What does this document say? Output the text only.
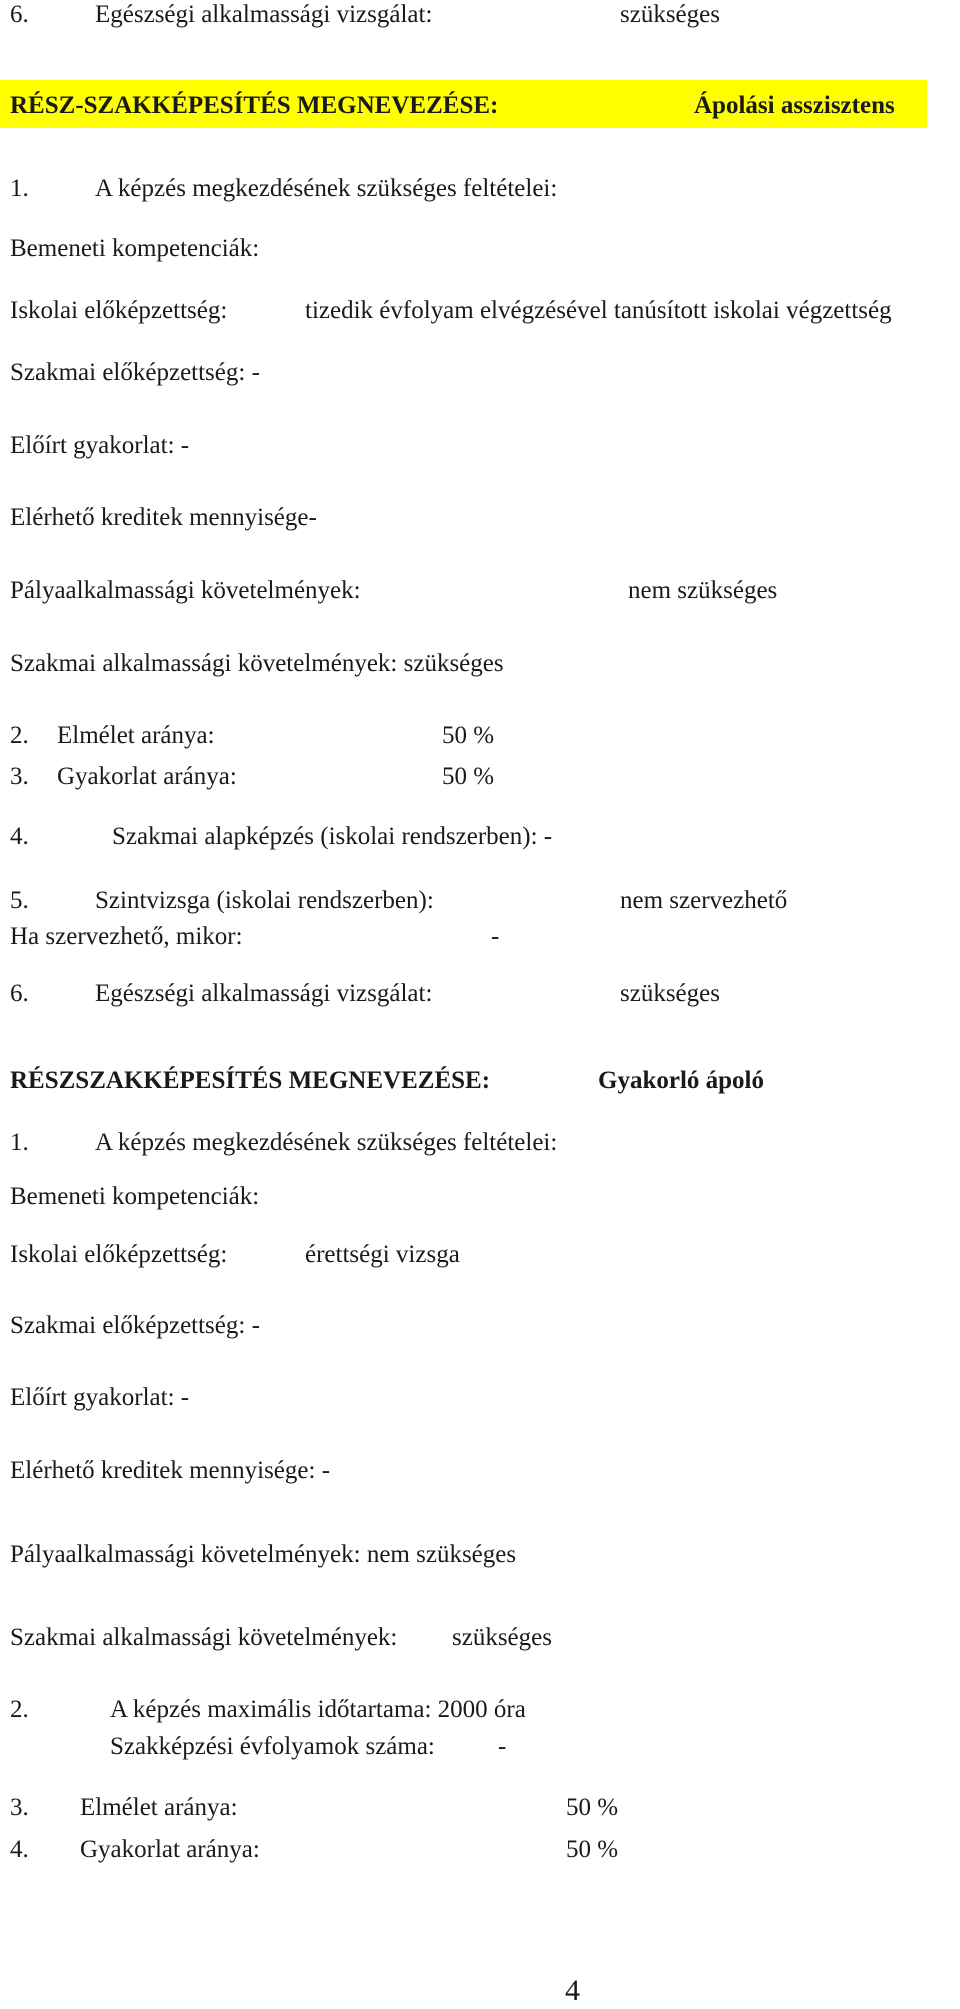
6.	Egészségi alkalmassági vizsgálat:	szükséges
RÉSZ-SZAKKÉPESÍTÉS MEGNEVEZÉSE:	Ápolási asszisztens
1.	A képzés megkezdésének szükséges feltételei:
Bemeneti kompetenciák:
Iskolai előképzettség:	tizedik évfolyam elvégzésével tanúsított iskolai végzettség
Szakmai előképzettség: -
Előírt gyakorlat: -
Elérhető kreditek mennyisége-
Pályaalkalmassági követelmények:	nem szükséges
Szakmai alkalmassági követelmények: szükséges
2. Elmélet aránya:	50 %
3. Gyakorlat aránya:	50 %
4.	Szakmai alapképzés (iskolai rendszerben): -
5.	Szintvizsga (iskolai rendszerben):	nem szervezhető
Ha szervezhető, mikor:	-
6.	Egészségi alkalmassági vizsgálat:	szükséges
RÉSZSZAKKÉPESÍTÉS MEGNEVEZÉSE:	Gyakorló ápoló
1.	A képzés megkezdésének szükséges feltételei:
Bemeneti kompetenciák:
Iskolai előképzettség:	érettségi vizsga
Szakmai előképzettség: -
Előírt gyakorlat: -
Elérhető kreditek mennyisége: -
Pályaalkalmassági követelmények: nem szükséges
Szakmai alkalmassági követelmények: szükséges
2.	A képzés maximális időtartama: 2000 óra
Szakképzési évfolyamok száma:	-
3. Elmélet aránya:	50 %
4. Gyakorlat aránya:	50 %
4
